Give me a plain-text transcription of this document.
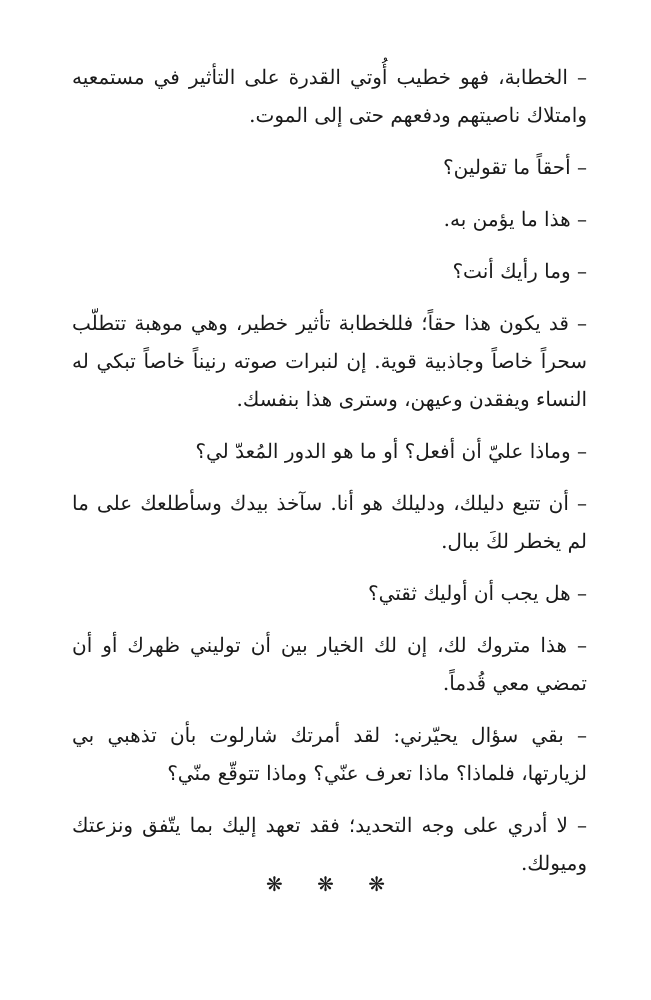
– الخطابة، فهو خطيب أُوتي القدرة على التأثير في مستمعيه وامتلاك ناصيتهم ودفعهم حتى إلى الموت.

– أحقاً ما تقولين؟

– هذا ما يؤمن به.

– وما رأيك أنت؟

– قد يكون هذا حقاً؛ فللخطابة تأثير خطير، وهي موهبة تتطلّب سحراً خاصاً وجاذبية قوية. إن لنبرات صوته رنيناً خاصاً تبكي له النساء ويفقدن وعيهن، وسترى هذا بنفسك.

– وماذا عليّ أن أفعل؟ أو ما هو الدور المُعدّ لي؟

– أن تتبع دليلك، ودليلك هو أنا. سآخذ بيدك وسأطلعك على ما لم يخطر لكَ ببال.

– هل يجب أن أوليك ثقتي؟

– هذا متروك لك، إن لك الخيار بين أن توليني ظهرك أو أن تمضي معي قُدماً.

– بقي سؤال يحيّرني: لقد أمرتك شارلوت بأن تذهبي بي لزيارتها، فلماذا؟ ماذا تعرف عنّي؟ وماذا تتوقّع منّي؟

– لا أدري على وجه التحديد؛ فقد تعهد إليك بما يتّفق ونزعتك وميولك.

❋ ❋ ❋
